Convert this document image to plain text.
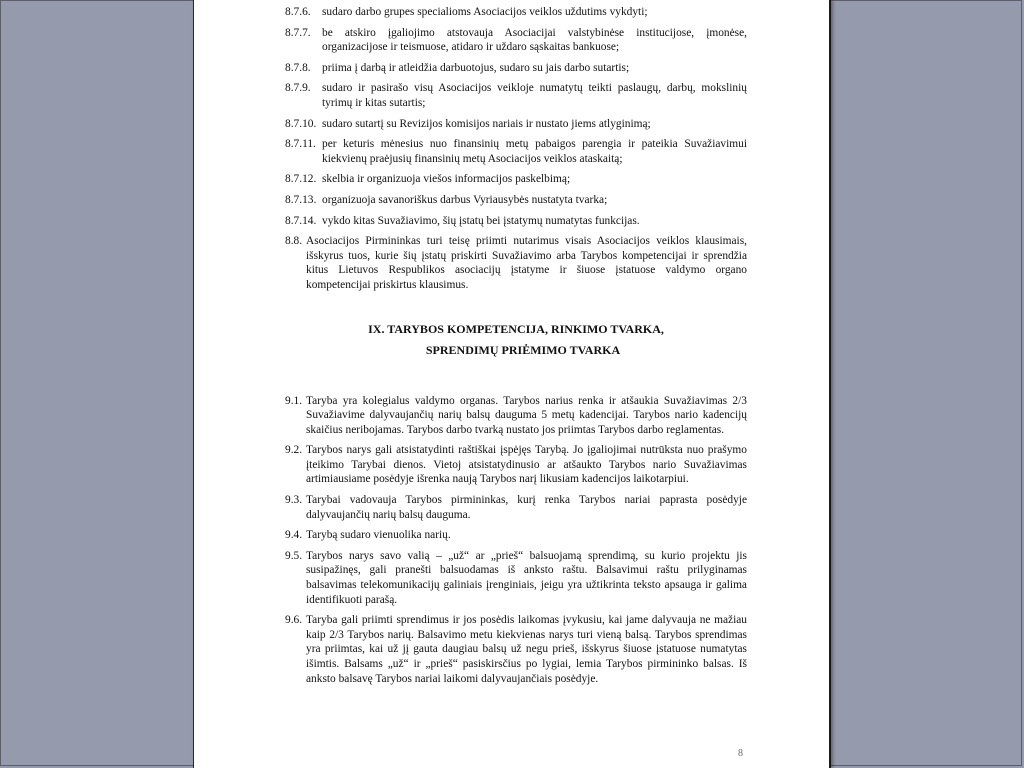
8.7.6. sudaro darbo grupes specialioms Asociacijos veiklos uždutims vykdyti;
8.7.7. be atskiro įgaliojimo atstovauja Asociacijai valstybinėse institucijose, įmonėse, organizacijose ir teismuose, atidaro ir uždaro sąskaitas bankuose;
8.7.8. priima į darbą ir atleidžia darbuotojus, sudaro su jais darbo sutartis;
8.7.9. sudaro ir pasirašo visų Asociacijos veikloje numatytų teikti paslaugų, darbų, mokslinių tyrimų ir kitas sutartis;
8.7.10. sudaro sutartį su Revizijos komisijos nariais ir nustato jiems atlyginimą;
8.7.11. per keturis mėnesius nuo finansinių metų pabaigos parengia ir pateikia Suvažiavimui kiekvienų praėjusių finansinių metų Asociacijos veiklos ataskaitą;
8.7.12. skelbia ir organizuoja viešos informacijos paskelbimą;
8.7.13. organizuoja savanoriškus darbus Vyriausybės nustatyta tvarka;
8.7.14. vykdo kitas Suvažiavimo, šių įstatų bei įstatymų numatytas funkcijas.
8.8. Asociacijos Pirmininkas turi teisę priimti nutarimus visais Asociacijos veiklos klausimais, išskyrus tuos, kurie šių įstatų priskirti Suvažiavimo arba Tarybos kompetencijai ir sprendžia kitus Lietuvos Respublikos asociacijų įstatyme ir šiuose įstatuose valdymo organo kompetencijai priskirtus klausimus.

IX. TARYBOS KOMPETENCIJA, RINKIMO TVARKA,

SPRENDIMŲ PRIĖMIMO TVARKA

9.1. Taryba yra kolegialus valdymo organas. Tarybos narius renka ir atšaukia Suvažiavimas 2/3 Suvažiavime dalyvaujančių narių balsų dauguma 5 metų kadencijai. Tarybos nario kadencijų skaičius neribojamas. Tarybos darbo tvarką nustato jos priimtas Tarybos darbo reglamentas.
9.2. Tarybos narys gali atsistatydinti raštiškai įspėjęs Tarybą. Jo įgaliojimai nutrūksta nuo prašymo įteikimo Tarybai dienos. Vietoj atsistatydinusio ar atšaukto Tarybos nario Suvažiavimas artimiausiame posėdyje išrenka naują Tarybos narį likusiam kadencijos laikotarpiui.
9.3. Tarybai vadovauja Tarybos pirmininkas, kurį renka Tarybos nariai paprasta posėdyje dalyvaujančių narių balsų dauguma.
9.4. Tarybą sudaro vienuolika narių.
9.5. Tarybos narys savo valią – „už“ ar „prieš“ balsuojamą sprendimą, su kurio projektu jis susipažinęs, gali pranešti balsuodamas iš anksto raštu. Balsavimui raštu prilyginamas balsavimas telekomunikacijų galiniais įrenginiais, jeigu yra užtikrinta teksto apsauga ir galima identifikuoti parašą.
9.6. Taryba gali priimti sprendimus ir jos posėdis laikomas įvykusiu, kai jame dalyvauja ne mažiau kaip 2/3 Tarybos narių. Balsavimo metu kiekvienas narys turi vieną balsą. Tarybos sprendimas yra priimtas, kai už jį gauta daugiau balsų už negu prieš, išskyrus šiuose įstatuose numatytas išimtis. Balsams „už“ ir „prieš“ pasiskirsčius po lygiai, lemia Tarybos pirmininko balsas. Iš anksto balsavę Tarybos nariai laikomi dalyvaujančiais posėdyje.
8
